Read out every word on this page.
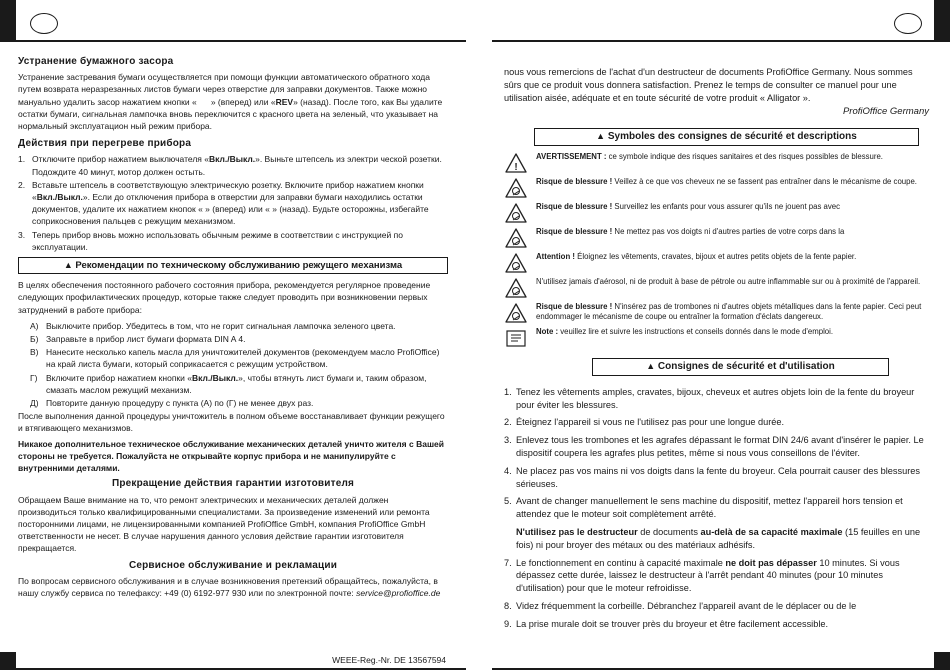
Устранение бумажного засора

Устранение застревания бумаги осуществляется при помощи функции автоматического обратного хода путем возврата неразрезанных листов бумаги через отверстие для заправки документов. Также можно мануально удалить засор нажатием кнопки « » (вперед) или «REV» (назад). После того, как Вы удалите остатки бумаги, сигнальная лампочка вновь переключится с красного цвета на зеленый, что указывает на нормальный эксплуатацион ный режим прибора.

Действия при перегреве прибора
1. Отключите прибор нажатием выключателя «Вкл./Выкл.». Выньте штепсель из электри ческой розетки. Подождите 40 минут, мотор должен остыть.
2. Вставьте штепсель в соответствующую электрическую розетку. Включите прибор нажатием кнопки «Вкл./Выкл.». Если до отключения прибора в отверстии для заправки бумаги находились остатки документов, удалите их нажатием кнопок « » (вперед) или « » (назад). Будьте осторожны, избегайте соприкосновения пальцев с режущим механизмом.
3. Теперь прибор вновь можно использовать обычным режиме в соответствии с инструкцией по эксплуатации.
▲ Рекомендации по техническому обслуживанию режущего механизма

В целях обеспечения постоянного рабочего состояния прибора, рекомендуется регулярное проведение следующих профилактических процедур, которые также следует проводить при возникновении первых затруднений в работе прибора:

А) Выключите прибор. Убедитесь в том, что не горит сигнальная лампочка зеленого цвета.
Б) Заправьте в прибор лист бумаги формата DIN A 4.
В) Нанесите несколько капель масла для уничтожителей документов (рекомендуем масло ProfiOffice) на край листа бумаги, который соприкасается с режущим устройством.
Г) Включите прибор нажатием кнопки «Вкл./Выкл.», чтобы втянуть лист бумаги и, таким образом, смазать маслом режущий механизм.
Д) Повторите данную процедуру с пункта (А) по (Г) не менее двух раз.

После выполнения данной процедуры уничтожитель в полном объеме восстанавливает функции режущего и втягивающего механизмов.

Никакое дополнительное техническое обслуживание механических деталей уничто жителя с Вашей стороны не требуется. Пожалуйста не открывайте корпус прибора и не манипулируйте с внутренними деталями.

Прекращение действия гарантии изготовителя

Обращаем Ваше внимание на то, что ремонт электрических и механических деталей должен производиться только квалифицированными специалистами. За произведение изменений или ремонта посторонними лицами, не лицензированными компанией ProfiOffice GmbH, компания ProfiOffice GmbH ответственности не несет. В случае нарушения данного условия действие гарантии изготовителя прекращается.

Сервисное обслуживание и рекламации

По вопросам сервисного обслуживания и в случае возникновения претензий обращайтесь, пожалуйста, в нашу службу сервиса по телефаксу: +49 (0) 6192-977 930 или по электронной почте: service@profioffice.de

WEEE-Reg.-Nr. DE 13567594

nous vous remercions de l'achat d'un destructeur de documents ProfiOffice Germany. Nous sommes sûrs que ce produit vous donnera satisfaction. Prenez le temps de consulter ce manuel pour une utilisation aisée, adéquate et en toute sécurité de votre produit « Alligator ».

ProfiOffice Germany
▲ Symboles des consignes de sécurité et descriptions
!
AVERTISSEMENT : ce symbole indique des risques sanitaires et des risques possibles de blessure.
Risque de blessure ! Veillez à ce que vos cheveux ne se fassent pas entraîner dans le mécanisme de coupe.
Risque de blessure ! Surveillez les enfants pour vous assurer qu'ils ne jouent pas avec
Risque de blessure ! Ne mettez pas vos doigts ni d'autres parties de votre corps dans la
Attention ! Éloignez les vêtements, cravates, bijoux et autres petits objets de la fente papier.
N'utilisez jamais d'aérosol, ni de produit à base de pétrole ou autre inflammable sur ou à proximité de l'appareil.
Risque de blessure ! N'insérez pas de trombones ni d'autres objets métalliques dans la fente papier. Ceci peut endommager le mécanisme de coupe ou entraîner la formation d'éclats dangereux.
Note : veuillez lire et suivre les instructions et conseils donnés dans le mode d'emploi.
▲ Consignes de sécurité et d'utilisation
1. Tenez les vêtements amples, cravates, bijoux, cheveux et autres objets loin de la fente du broyeur pour éviter les blessures.
2. Éteignez l'appareil si vous ne l'utilisez pas pour une longue durée.
3. Enlevez tous les trombones et les agrafes dépassant le format DIN 24/6 avant d'insérer le papier. Le dispositif coupera les agrafes plus petites, même si nous vous conseillons de l'éviter.
4. Ne placez pas vos mains ni vos doigts dans la fente du broyeur. Cela pourrait causer des blessures sérieuses.
5. Avant de changer manuellement le sens machine du dispositif, mettez l'appareil hors tension et attendez que le moteur soit complètement arrêté.
N'utilisez pas le destructeur de documents au-delà de sa capacité maximale (15 feuilles en une fois) ni pour broyer des métaux ou des matériaux adhésifs.
7. Le fonctionnement en continu à capacité maximale ne doit pas dépasser 10 minutes. Si vous dépassez cette durée, laissez le destructeur à l'arrêt pendant 40 minutes (pour 10 minutes d'utilisation) pour que le moteur refroidisse.
8. Videz fréquemment la corbeille. Débranchez l'appareil avant de le déplacer ou de le
9. La prise murale doit se trouver près du broyeur et être facilement accessible.
